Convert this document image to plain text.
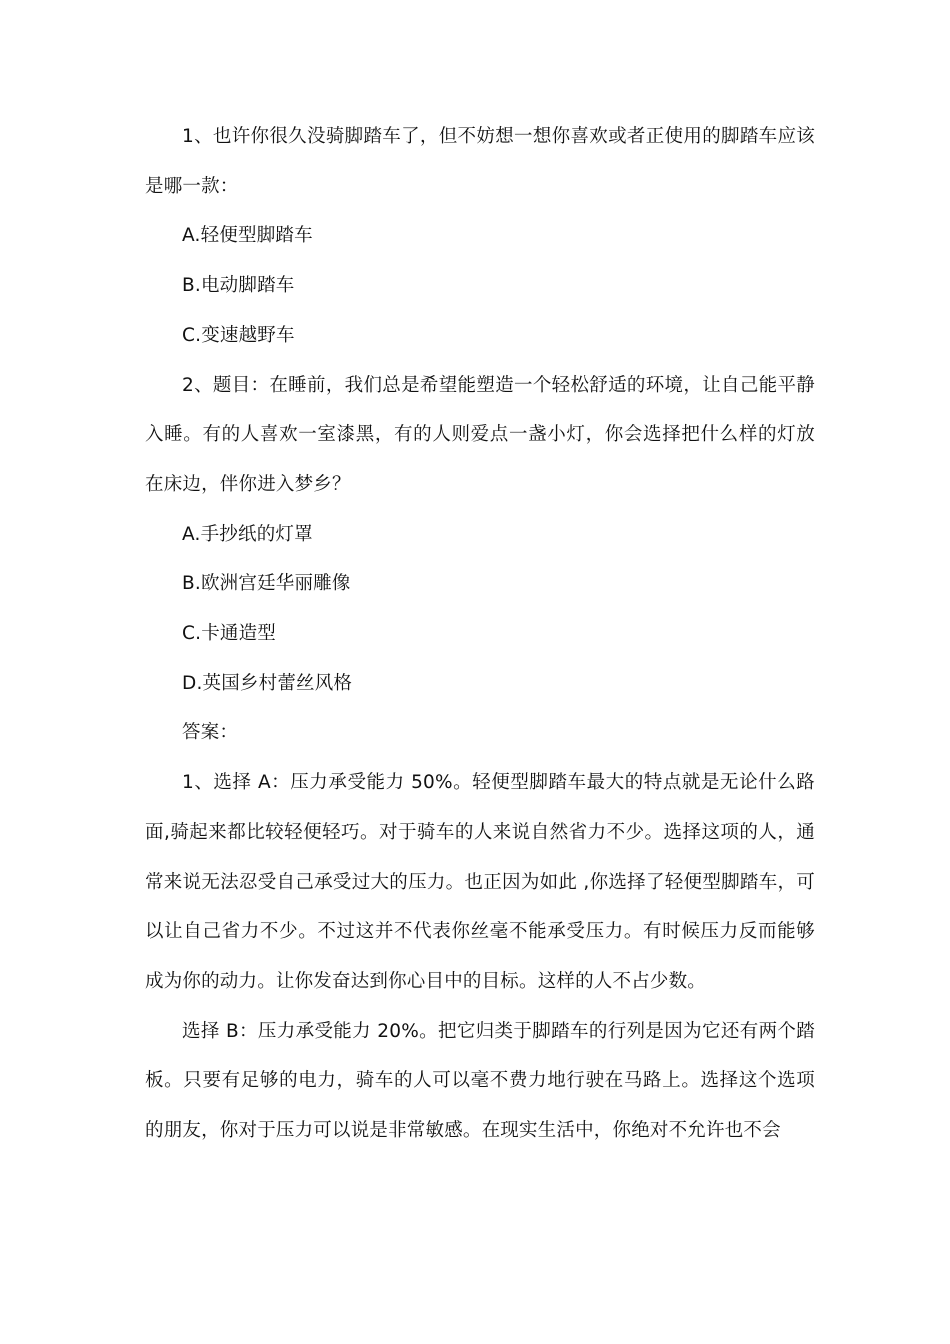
1、也许你很久没骑脚踏车了，但不妨想一想你喜欢或者正使用的脚踏车应该是哪一款：

A.轻便型脚踏车

B.电动脚踏车

C.变速越野车

2、题目：在睡前，我们总是希望能塑造一个轻松舒适的环境，让自己能平静入睡。有的人喜欢一室漆黑，有的人则爱点一盏小灯，你会选择把什么样的灯放在床边，伴你进入梦乡？

A.手抄纸的灯罩

B.欧洲宫廷华丽雕像

C.卡通造型

D.英国乡村蕾丝风格

答案：

1、选择 A：压力承受能力 50%。轻便型脚踏车最大的特点就是无论什么路面,骑起来都比较轻便轻巧。对于骑车的人来说自然省力不少。选择这项的人，通常来说无法忍受自己承受过大的压力。也正因为如此 ,你选择了轻便型脚踏车，可以让自己省力不少。不过这并不代表你丝毫不能承受压力。有时候压力反而能够成为你的动力。让你发奋达到你心目中的目标。这样的人不占少数。

选择 B：压力承受能力 20%。把它归类于脚踏车的行列是因为它还有两个踏板。只要有足够的电力，骑车的人可以毫不费力地行驶在马路上。选择这个选项的朋友，你对于压力可以说是非常敏感。在现实生活中，你绝对不允许也不会
